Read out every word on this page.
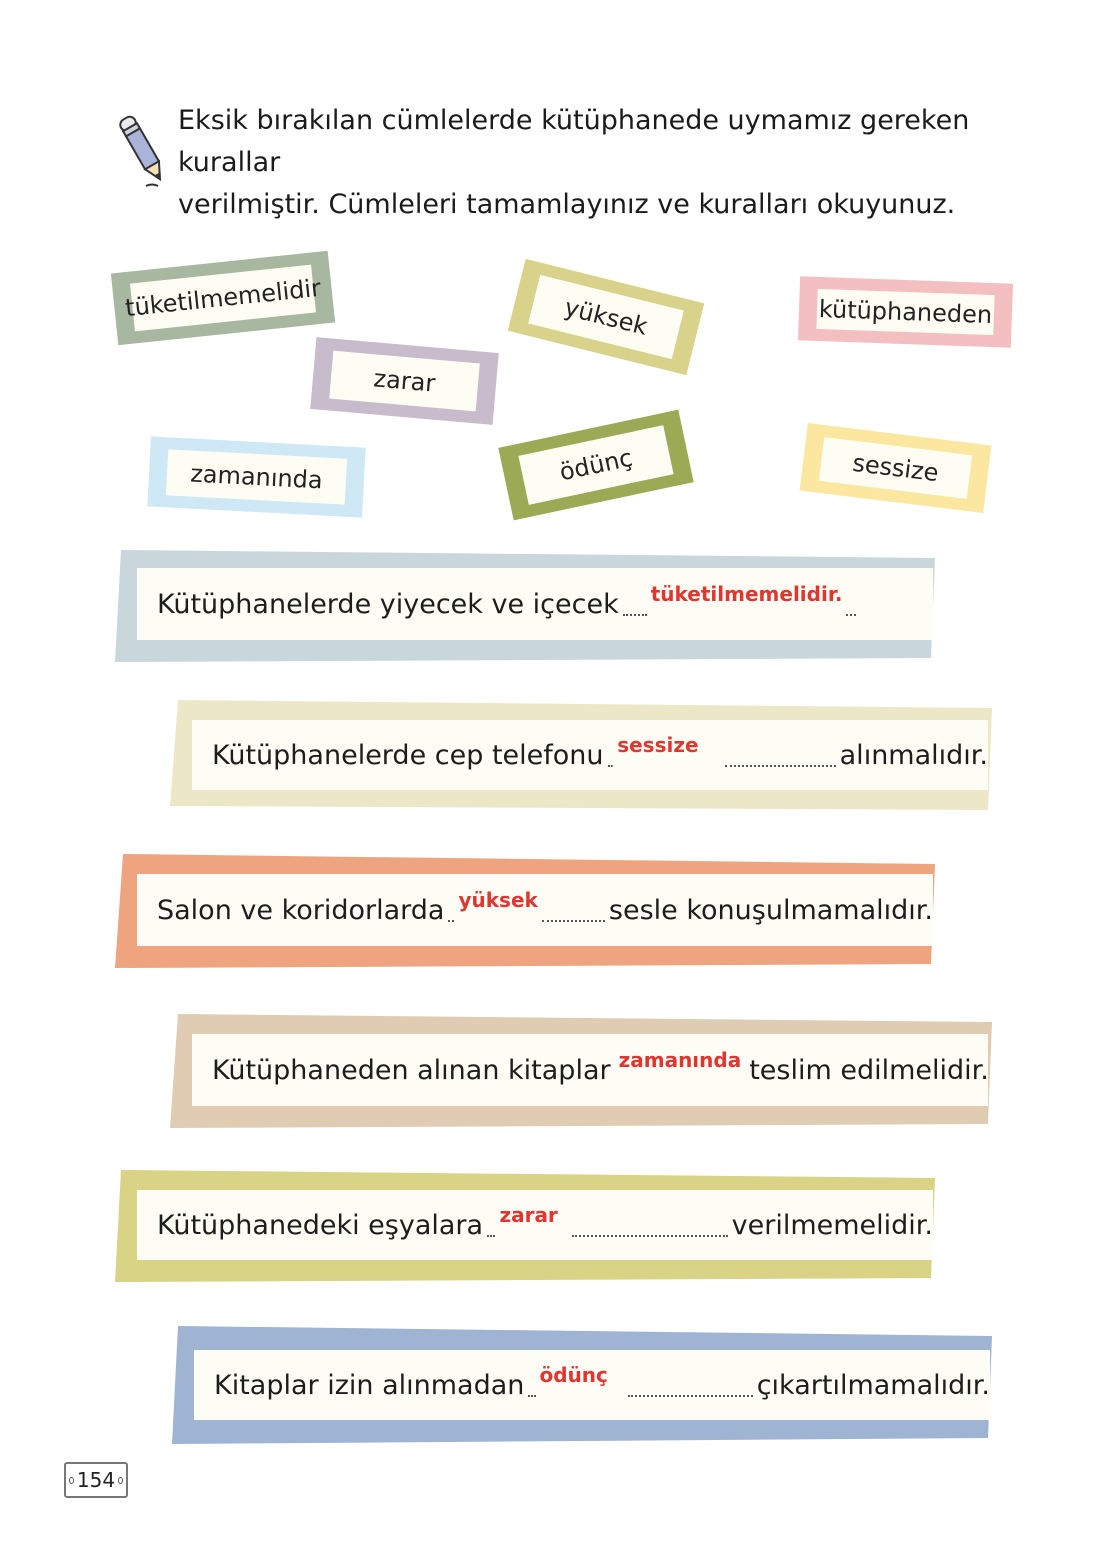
Eksik bırakılan cümlelerde kütüphanede uymamız gereken kurallar
verilmiştir. Cümleleri tamamlayınız ve kuralları okuyunuz.
tüketilmemelidir	yüksek	kütüphaneden
zarar
zamanında	ödünç	sessize
Kütüphanelerde yiyecek ve içecek tüketilmemelidir.
Kütüphanelerde cep telefonu sessize	alınmalıdır.
Salon ve koridorlarda yüksek	sesle konuşulmamalıdır.
Kütüphaneden alınan kitaplar zamanında teslim edilmelidir.
Kütüphanedeki eşyalara zarar	verilmemelidir.
Kitaplar izin alınmadan ödünç	çıkartılmamalıdır.
154
